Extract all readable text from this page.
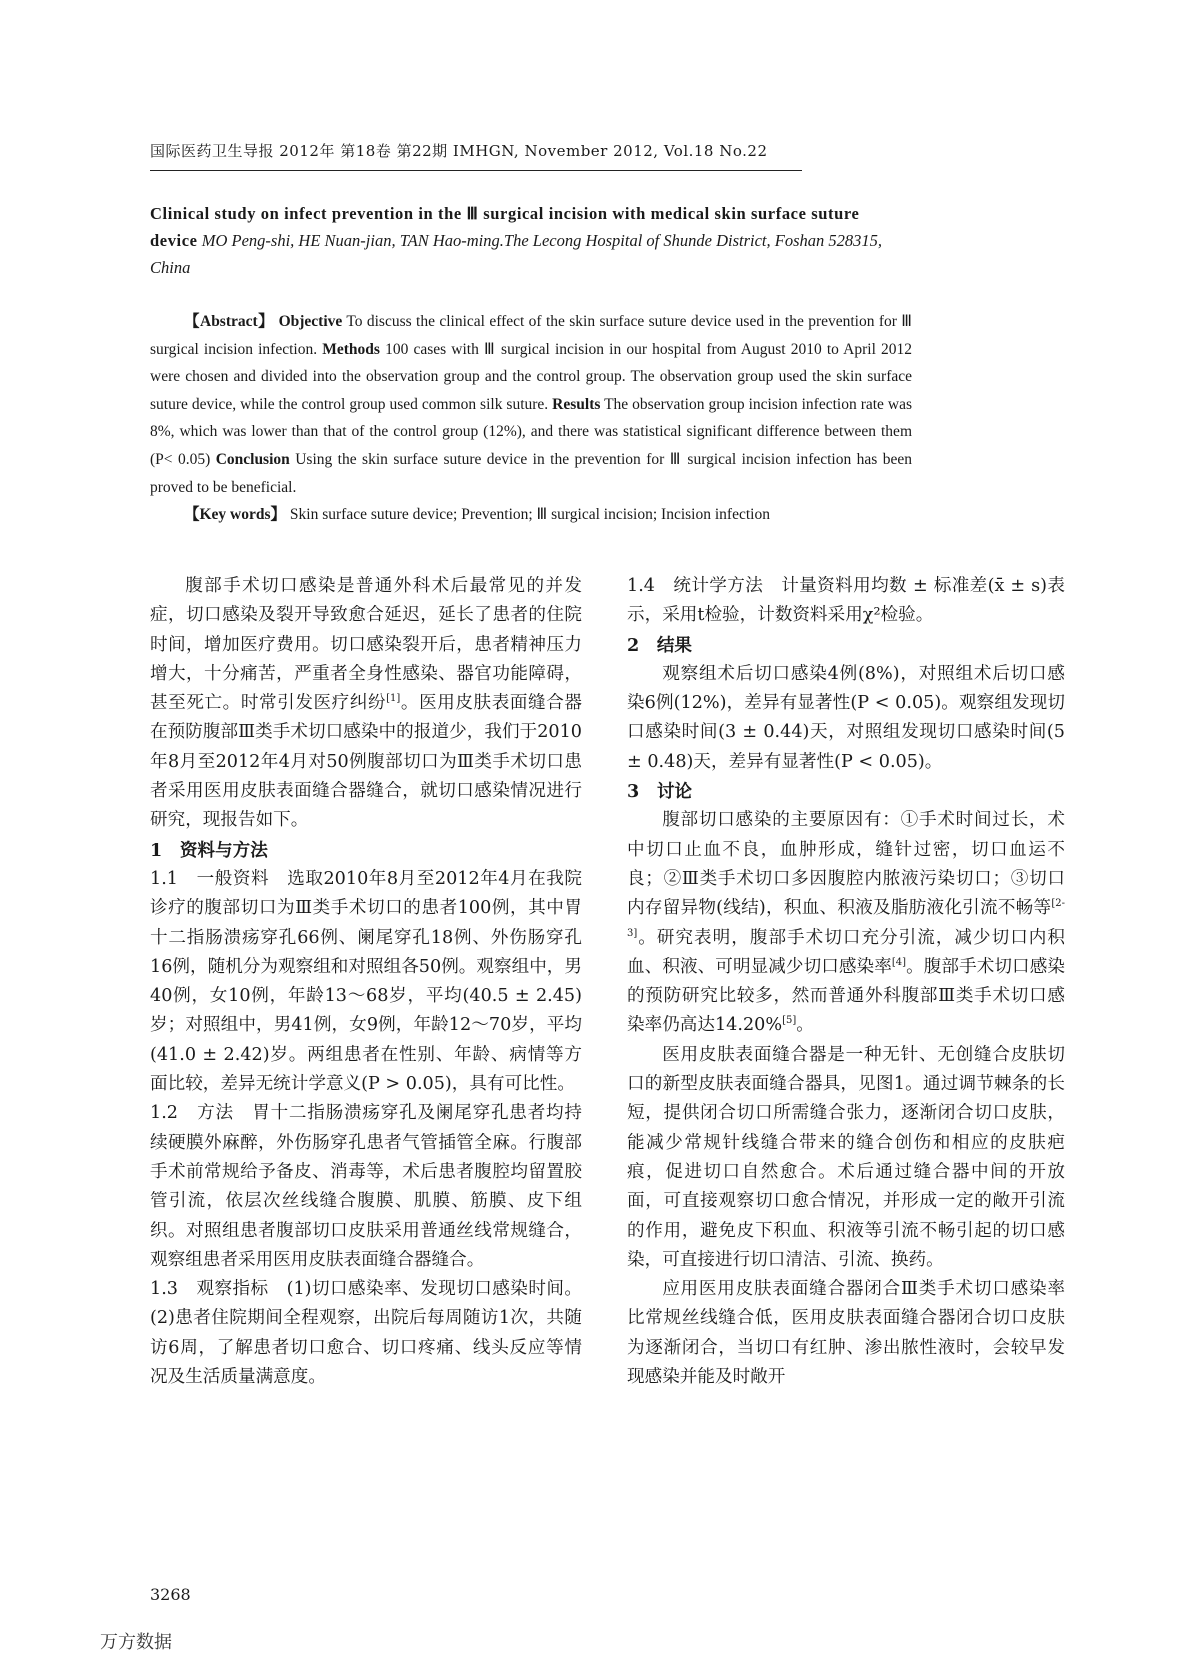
国际医药卫生导报 2012年 第18卷 第22期 IMHGN, November 2012, Vol.18 No.22
Clinical study on infect prevention in the Ⅲ surgical incision with medical skin surface suture device MO Peng-shi, HE Nuan-jian, TAN Hao-ming.The Lecong Hospital of Shunde District, Foshan 528315, China

【Abstract】 Objective To discuss the clinical effect of the skin surface suture device used in the prevention for Ⅲ surgical incision infection. Methods 100 cases with Ⅲ surgical incision in our hospital from August 2010 to April 2012 were chosen and divided into the observation group and the control group. The observation group used the skin surface suture device, while the control group used common silk suture. Results The observation group incision infection rate was 8%, which was lower than that of the control group (12%), and there was statistical significant difference between them (P< 0.05) Conclusion Using the skin surface suture device in the prevention for Ⅲ surgical incision infection has been proved to be beneficial.

【Key words】 Skin surface suture device; Prevention; Ⅲ surgical incision; Incision infection

腹部手术切口感染是普通外科术后最常见的并发症，切口感染及裂开导致愈合延迟，延长了患者的住院时间，增加医疗费用。切口感染裂开后，患者精神压力增大，十分痛苦，严重者全身性感染、器官功能障碍，甚至死亡。时常引发医疗纠纷[1]。医用皮肤表面缝合器在预防腹部Ⅲ类手术切口感染中的报道少，我们于2010年8月至2012年4月对50例腹部切口为Ⅲ类手术切口患者采用医用皮肤表面缝合器缝合，就切口感染情况进行研究，现报告如下。

1　资料与方法

1.1　一般资料　选取2010年8月至2012年4月在我院诊疗的腹部切口为Ⅲ类手术切口的患者100例，其中胃十二指肠溃疡穿孔66例、阑尾穿孔18例、外伤肠穿孔16例，随机分为观察组和对照组各50例。观察组中，男40例，女10例，年龄13～68岁，平均(40.5 ± 2.45)岁；对照组中，男41例，女9例，年龄12～70岁，平均(41.0 ± 2.42)岁。两组患者在性别、年龄、病情等方面比较，差异无统计学意义(P > 0.05)，具有可比性。

1.2　方法　胃十二指肠溃疡穿孔及阑尾穿孔患者均持续硬膜外麻醉，外伤肠穿孔患者气管插管全麻。行腹部手术前常规给予备皮、消毒等，术后患者腹腔均留置胶管引流，依层次丝线缝合腹膜、肌膜、筋膜、皮下组织。对照组患者腹部切口皮肤采用普通丝线常规缝合，观察组患者采用医用皮肤表面缝合器缝合。

1.3　观察指标　(1)切口感染率、发现切口感染时间。(2)患者住院期间全程观察，出院后每周随访1次，共随访6周，了解患者切口愈合、切口疼痛、线头反应等情况及生活质量满意度。

1.4　统计学方法　计量资料用均数 ± 标准差(x̄ ± s)表示，采用t检验，计数资料采用χ²检验。

2　结果

观察组术后切口感染4例(8%)，对照组术后切口感染6例(12%)，差异有显著性(P < 0.05)。观察组发现切口感染时间(3 ± 0.44)天，对照组发现切口感染时间(5 ± 0.48)天，差异有显著性(P < 0.05)。

3　讨论

腹部切口感染的主要原因有：①手术时间过长，术中切口止血不良，血肿形成，缝针过密，切口血运不良；②Ⅲ类手术切口多因腹腔内脓液污染切口；③切口内存留异物(线结)，积血、积液及脂肪液化引流不畅等[2-3]。研究表明，腹部手术切口充分引流，减少切口内积血、积液、可明显减少切口感染率[4]。腹部手术切口感染的预防研究比较多，然而普通外科腹部Ⅲ类手术切口感染率仍高达14.20%[5]。

医用皮肤表面缝合器是一种无针、无创缝合皮肤切口的新型皮肤表面缝合器具，见图1。通过调节棘条的长短，提供闭合切口所需缝合张力，逐渐闭合切口皮肤，能减少常规针线缝合带来的缝合创伤和相应的皮肤疤痕，促进切口自然愈合。术后通过缝合器中间的开放面，可直接观察切口愈合情况，并形成一定的敞开引流的作用，避免皮下积血、积液等引流不畅引起的切口感染，可直接进行切口清洁、引流、换药。

应用医用皮肤表面缝合器闭合Ⅲ类手术切口感染率比常规丝线缝合低，医用皮肤表面缝合器闭合切口皮肤为逐渐闭合，当切口有红肿、渗出脓性液时，会较早发现感染并能及时敞开

3268
万方数据
